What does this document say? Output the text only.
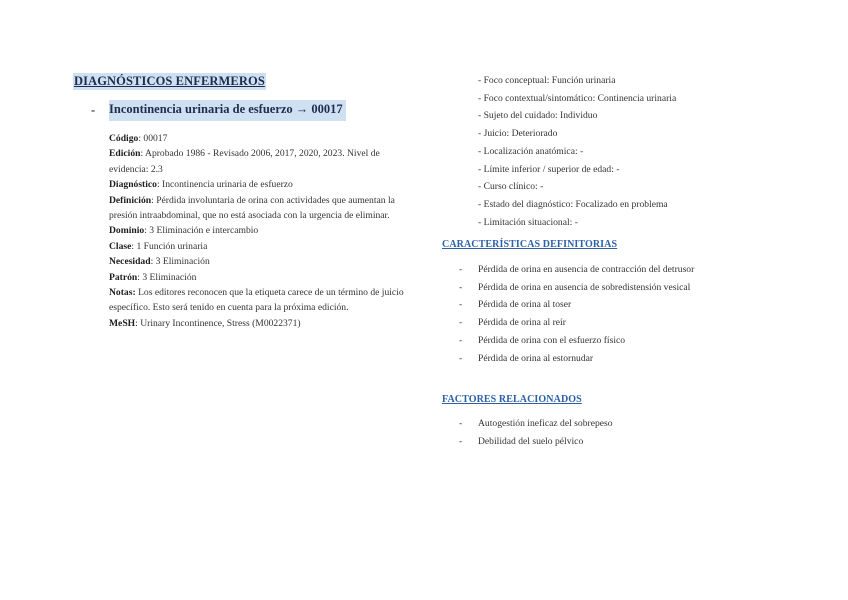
DIAGNÓSTICOS ENFERMEROS
-	Incontinencia urinaria de esfuerzo → 00017

Código: 00017

Edición: Aprobado 1986 - Revisado 2006, 2017, 2020, 2023. Nivel de evidencia: 2.3

Diagnóstico: Incontinencia urinaria de esfuerzo

Definición: Pérdida involuntaria de orina con actividades que aumentan la presión intraabdominal, que no está asociada con la urgencia de eliminar.

Dominio: 3 Eliminación e intercambio

Clase: 1 Función urinaria

Necesidad: 3 Eliminación

Patrón: 3 Eliminación

Notas: Los editores reconocen que la etiqueta carece de un término de juicio específico. Esto será tenido en cuenta para la próxima edición.

MeSH: Urinary Incontinence, Stress (M0022371)

- Foco conceptual: Función urinaria
- Foco contextual/sintomático: Continencia urinaria
- Sujeto del cuidado: Individuo
- Juicio: Deteriorado
- Localización anatómica: -
- Límite inferior / superior de edad: -
- Curso clínico: -
- Estado del diagnóstico: Focalizado en problema
- Limitación situacional: -
CARACTERÍSTICAS DEFINITORIAS
-	Pérdida de orina en ausencia de contracción del detrusor
-	Pérdida de orina en ausencia de sobredistensión vesical
-	Pérdida de orina al toser
-	Pérdida de orina al reír
-	Pérdida de orina con el esfuerzo físico
-	Pérdida de orina al estornudar
FACTORES RELACIONADOS
-	Autogestión ineficaz del sobrepeso
-	Debilidad del suelo pélvico
